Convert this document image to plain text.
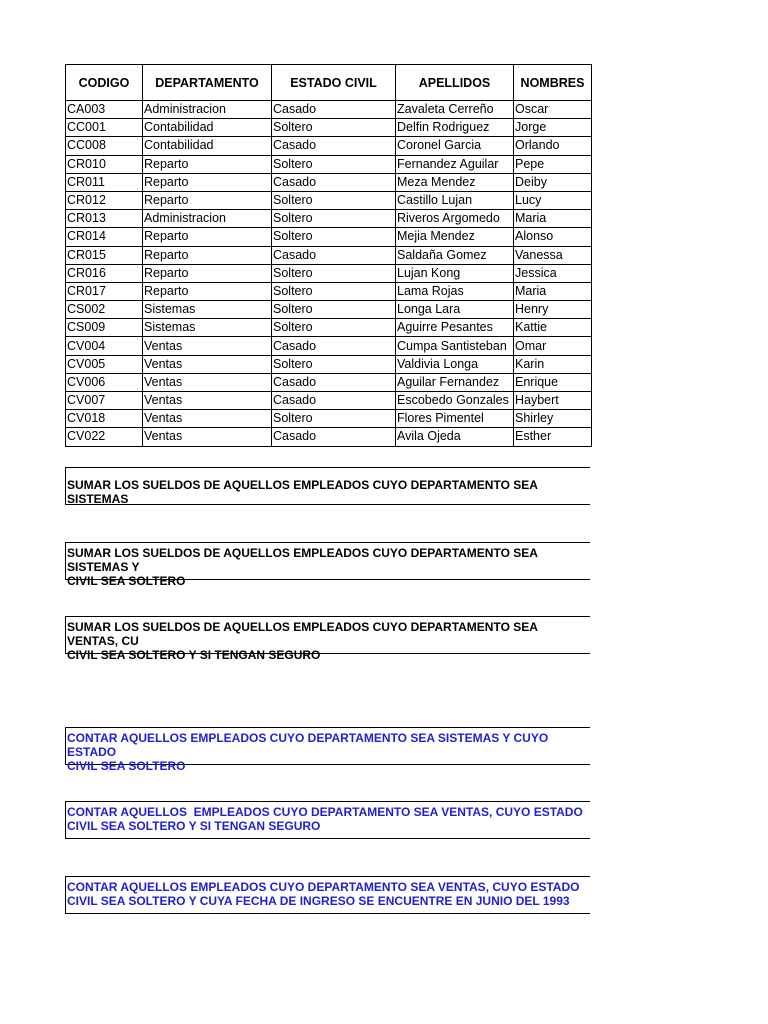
CODIGO	DEPARTAMENTO	ESTADO CIVIL	APELLIDOS	NOMBRES
CA003	Administracion	Casado	Zavaleta Cerreño	Oscar
CC001	Contabilidad	Soltero	Delfin Rodriguez	Jorge
CC008	Contabilidad	Casado	Coronel Garcia	Orlando
CR010	Reparto	Soltero	Fernandez Aguilar	Pepe
CR011	Reparto	Casado	Meza Mendez	Deiby
CR012	Reparto	Soltero	Castillo Lujan	Lucy
CR013	Administracion	Soltero	Riveros Argomedo	Maria
CR014	Reparto	Soltero	Mejia Mendez	Alonso
CR015	Reparto	Casado	Saldaña Gomez	Vanessa
CR016	Reparto	Soltero	Lujan Kong	Jessica
CR017	Reparto	Soltero	Lama Rojas	Maria
CS002	Sistemas	Soltero	Longa Lara	Henry
CS009	Sistemas	Soltero	Aguirre Pesantes	Kattie
CV004	Ventas	Casado	Cumpa Santisteban	Omar
CV005	Ventas	Soltero	Valdivia Longa	Karin
CV006	Ventas	Casado	Aguilar Fernandez	Enrique
CV007	Ventas	Casado	Escobedo Gonzales	Haybert
CV018	Ventas	Soltero	Flores Pimentel	Shirley
CV022	Ventas	Casado	Avila Ojeda	Esther
SUMAR LOS SUELDOS DE AQUELLOS EMPLEADOS CUYO DEPARTAMENTO SEA SISTEMAS
SUMAR LOS SUELDOS DE AQUELLOS EMPLEADOS CUYO DEPARTAMENTO SEA SISTEMAS Y
CIVIL SEA SOLTERO
SUMAR LOS SUELDOS DE AQUELLOS EMPLEADOS CUYO DEPARTAMENTO SEA VENTAS, CU
CIVIL SEA SOLTERO Y SI TENGAN SEGURO
CONTAR AQUELLOS EMPLEADOS CUYO DEPARTAMENTO SEA SISTEMAS Y CUYO ESTADO
CIVIL SEA SOLTERO
CONTAR AQUELLOS  EMPLEADOS CUYO DEPARTAMENTO SEA VENTAS, CUYO ESTADO
CIVIL SEA SOLTERO Y SI TENGAN SEGURO
CONTAR AQUELLOS EMPLEADOS CUYO DEPARTAMENTO SEA VENTAS, CUYO ESTADO
CIVIL SEA SOLTERO Y CUYA FECHA DE INGRESO SE ENCUENTRE EN JUNIO DEL 1993
